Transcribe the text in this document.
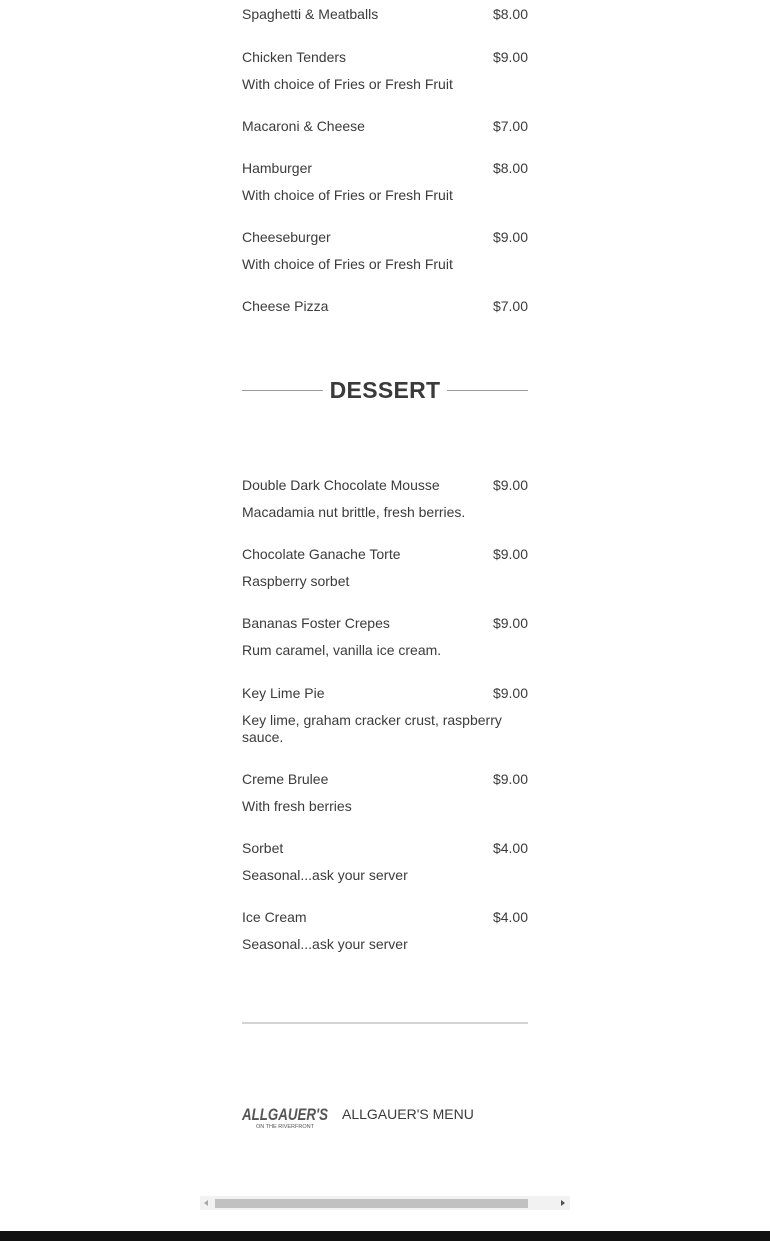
Spaghetti & Meatballs	$8.00
Chicken Tenders	$9.00
With choice of Fries or Fresh Fruit
Macaroni & Cheese	$7.00
Hamburger	$8.00
With choice of Fries or Fresh Fruit
Cheeseburger	$9.00
With choice of Fries or Fresh Fruit
Cheese Pizza	$7.00
DESSERT
Double Dark Chocolate Mousse	$9.00
Macadamia nut brittle, fresh berries.
Chocolate Ganache Torte	$9.00
Raspberry sorbet
Bananas Foster Crepes	$9.00
Rum caramel, vanilla ice cream.
Key Lime Pie	$9.00
Key lime, graham cracker crust, raspberry sauce.
Creme Brulee	$9.00
With fresh berries
Sorbet	$4.00
Seasonal...ask your server
Ice Cream	$4.00
Seasonal...ask your server
ALLGAUER'S
ON THE RIVERFRONT
ALLGAUER'S MENU
